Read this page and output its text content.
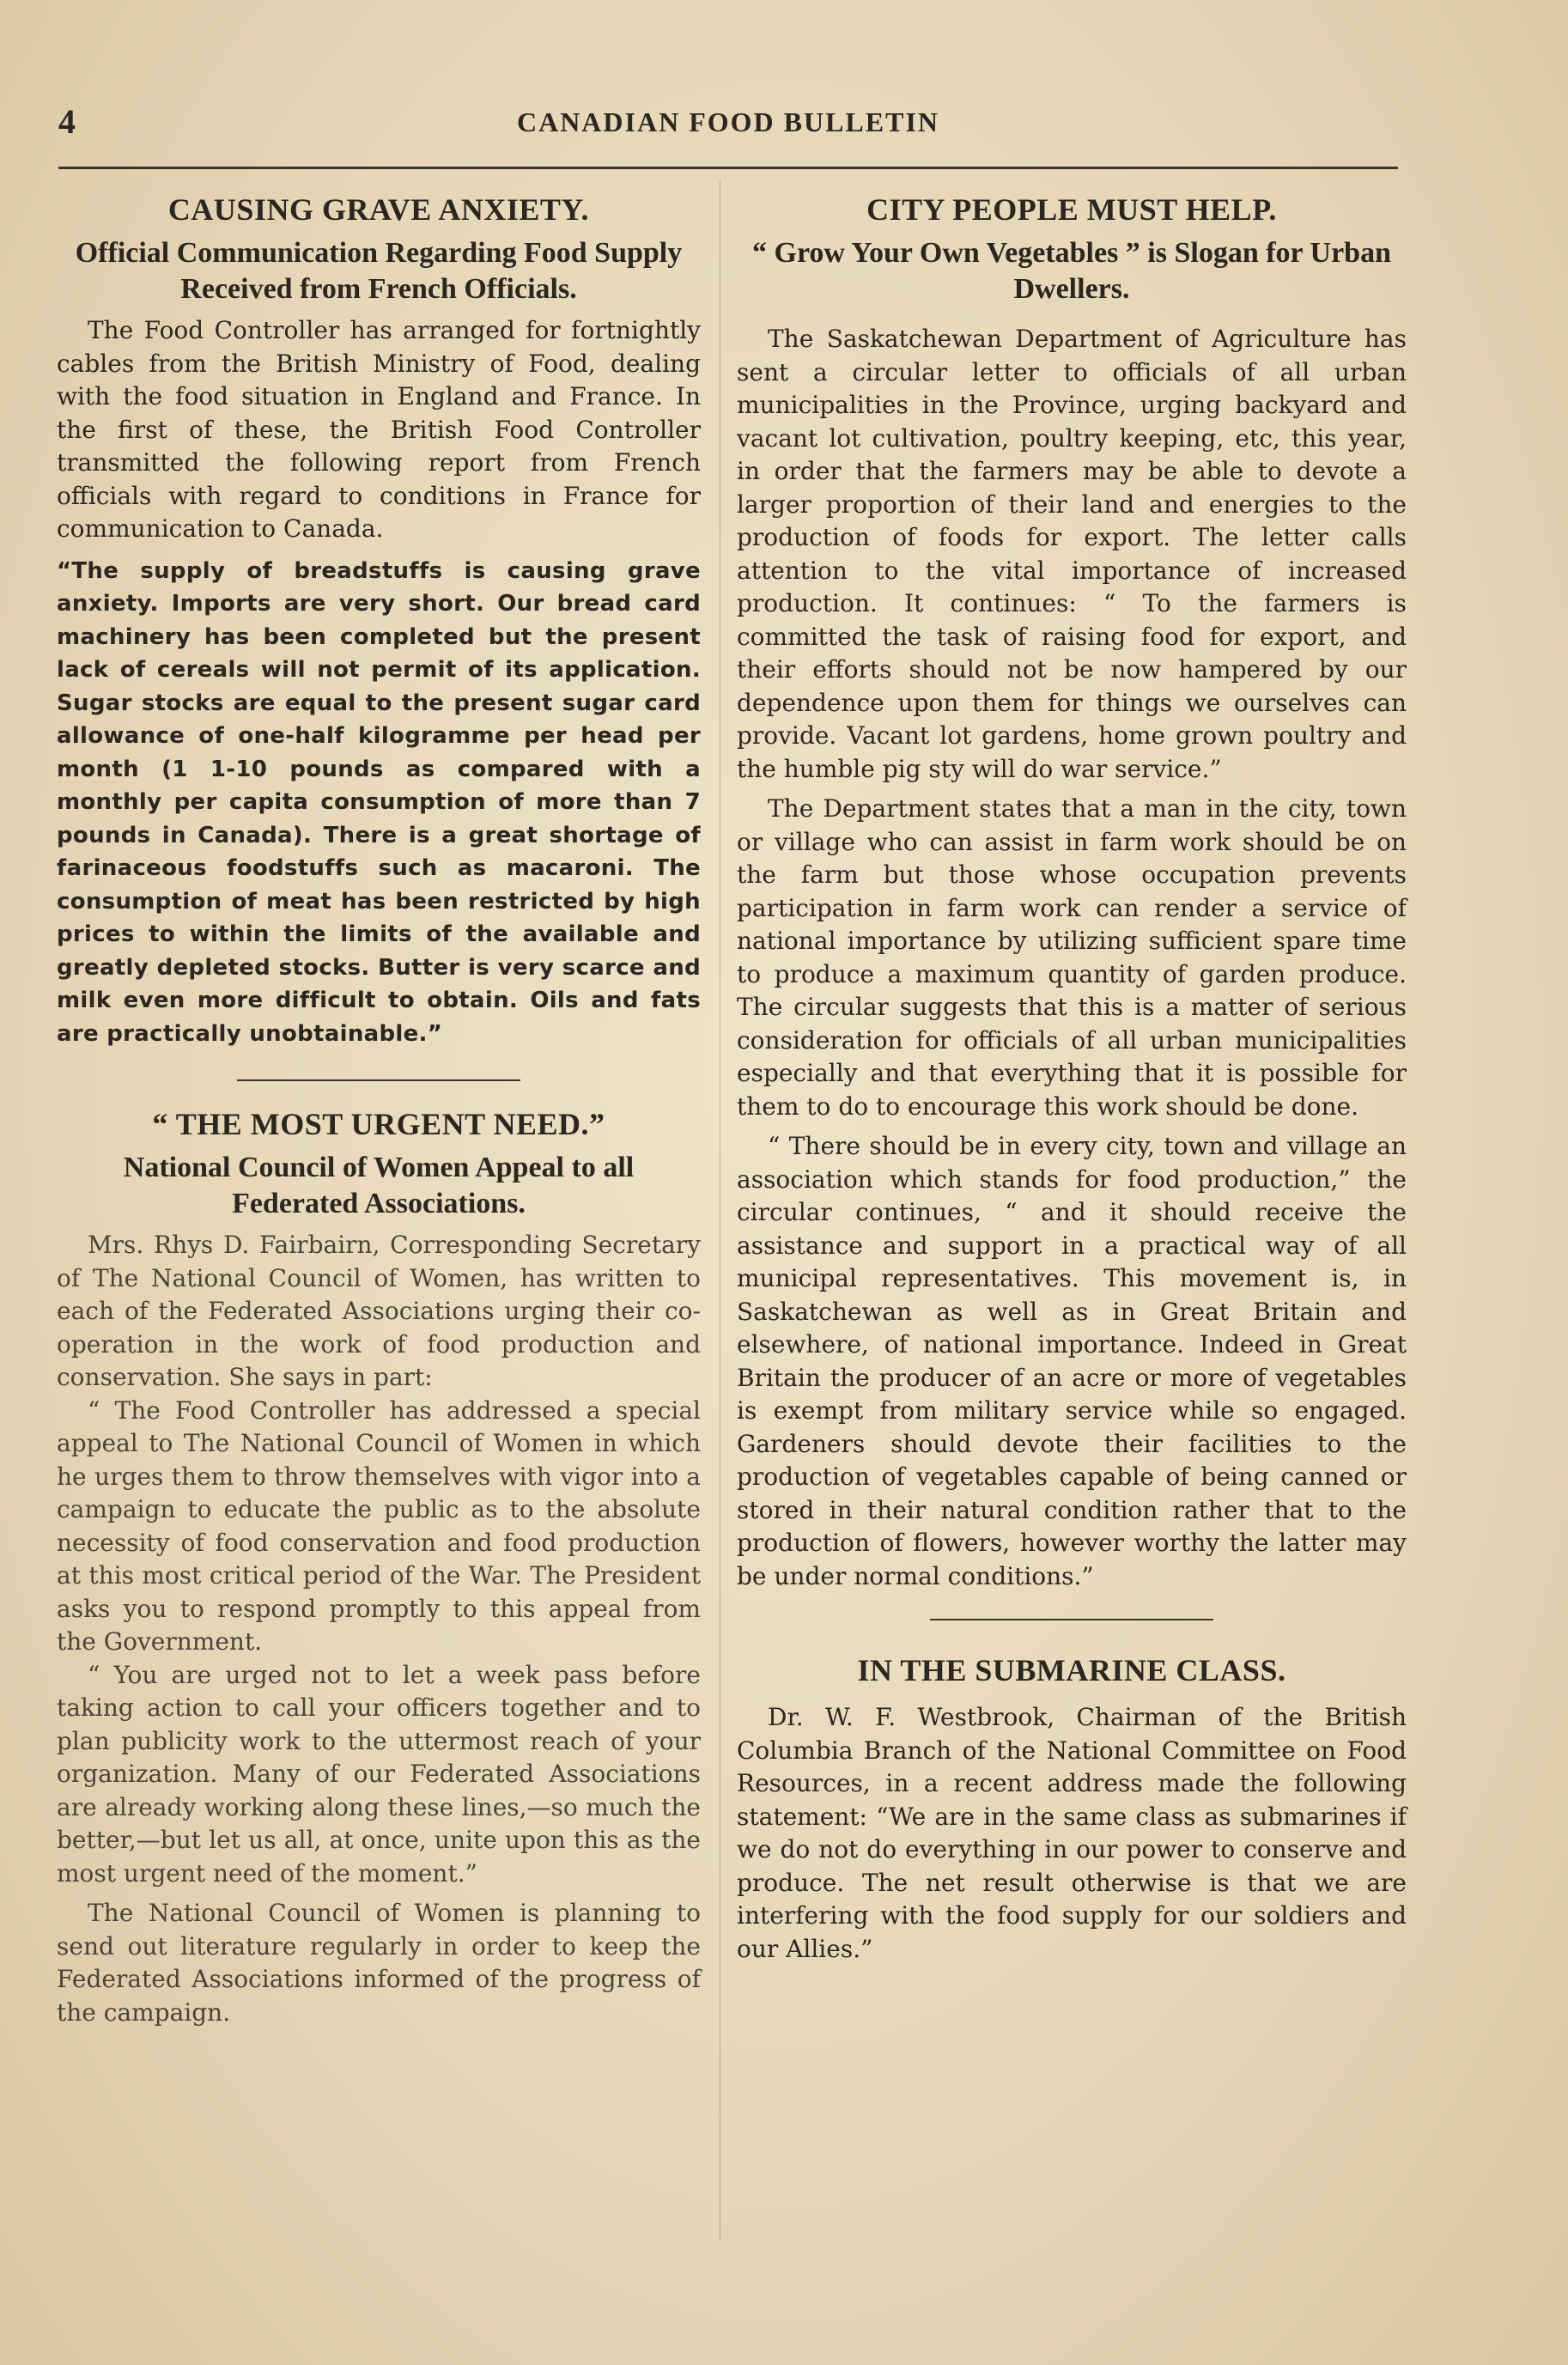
4	CANADIAN FOOD BULLETIN
CAUSING GRAVE ANXIETY.
Official Communication Regarding Food Supply Received from French Officials.

The Food Controller has arranged for fortnightly cables from the British Ministry of Food, dealing with the food situation in England and France. In the first of these, the British Food Controller transmitted the following report from French officials with regard to conditions in France for communication to Canada.

“The supply of breadstuffs is causing grave anxiety. Imports are very short. Our bread card machinery has been completed but the present lack of cereals will not permit of its application. Sugar stocks are equal to the present sugar card allowance of one-half kilogramme per head per month (1 1-10 pounds as compared with a monthly per capita consumption of more than 7 pounds in Canada). There is a great shortage of farinaceous foodstuffs such as macaroni. The consumption of meat has been restricted by high prices to within the limits of the available and greatly depleted stocks. Butter is very scarce and milk even more difficult to obtain. Oils and fats are practically unobtainable.”

“ THE MOST URGENT NEED.”
National Council of Women Appeal to all Federated Associations.

Mrs. Rhys D. Fairbairn, Corresponding Secretary of The National Council of Women, has written to each of the Federated Associations urging their co-operation in the work of food production and conservation. She says in part:

“ The Food Controller has addressed a special appeal to The National Council of Women in which he urges them to throw themselves with vigor into a campaign to educate the public as to the absolute necessity of food conservation and food production at this most critical period of the War. The President asks you to respond promptly to this appeal from the Government.

“ You are urged not to let a week pass before taking action to call your officers together and to plan publicity work to the uttermost reach of your organization. Many of our Federated Associations are already working along these lines,—so much the better,—but let us all, at once, unite upon this as the most urgent need of the moment.”

The National Council of Women is planning to send out literature regularly in order to keep the Federated Associations informed of the progress of the campaign.

CITY PEOPLE MUST HELP.
“ Grow Your Own Vegetables ” is Slogan for Urban Dwellers.

The Saskatchewan Department of Agriculture has sent a circular letter to officials of all urban municipalities in the Province, urging backyard and vacant lot cultivation, poultry keeping, etc, this year, in order that the farmers may be able to devote a larger proportion of their land and energies to the production of foods for export. The letter calls attention to the vital importance of increased production. It continues: “ To the farmers is committed the task of raising food for export, and their efforts should not be now hampered by our dependence upon them for things we ourselves can provide. Vacant lot gardens, home grown poultry and the humble pig sty will do war service.”

The Department states that a man in the city, town or village who can assist in farm work should be on the farm but those whose occupation prevents participation in farm work can render a service of national importance by utilizing sufficient spare time to produce a maximum quantity of garden produce. The circular suggests that this is a matter of serious consideration for officials of all urban municipalities especially and that everything that it is possible for them to do to encourage this work should be done.

“ There should be in every city, town and village an association which stands for food production,” the circular continues, “ and it should receive the assistance and support in a practical way of all municipal representatives. This movement is, in Saskatchewan as well as in Great Britain and elsewhere, of national importance. Indeed in Great Britain the producer of an acre or more of vegetables is exempt from military service while so engaged. Gardeners should devote their facilities to the production of vegetables capable of being canned or stored in their natural condition rather that to the production of flowers, however worthy the latter may be under normal conditions.”

IN THE SUBMARINE CLASS.

Dr. W. F. Westbrook, Chairman of the British Columbia Branch of the National Committee on Food Resources, in a recent address made the following statement: “We are in the same class as submarines if we do not do everything in our power to conserve and produce. The net result otherwise is that we are interfering with the food supply for our soldiers and our Allies.”
